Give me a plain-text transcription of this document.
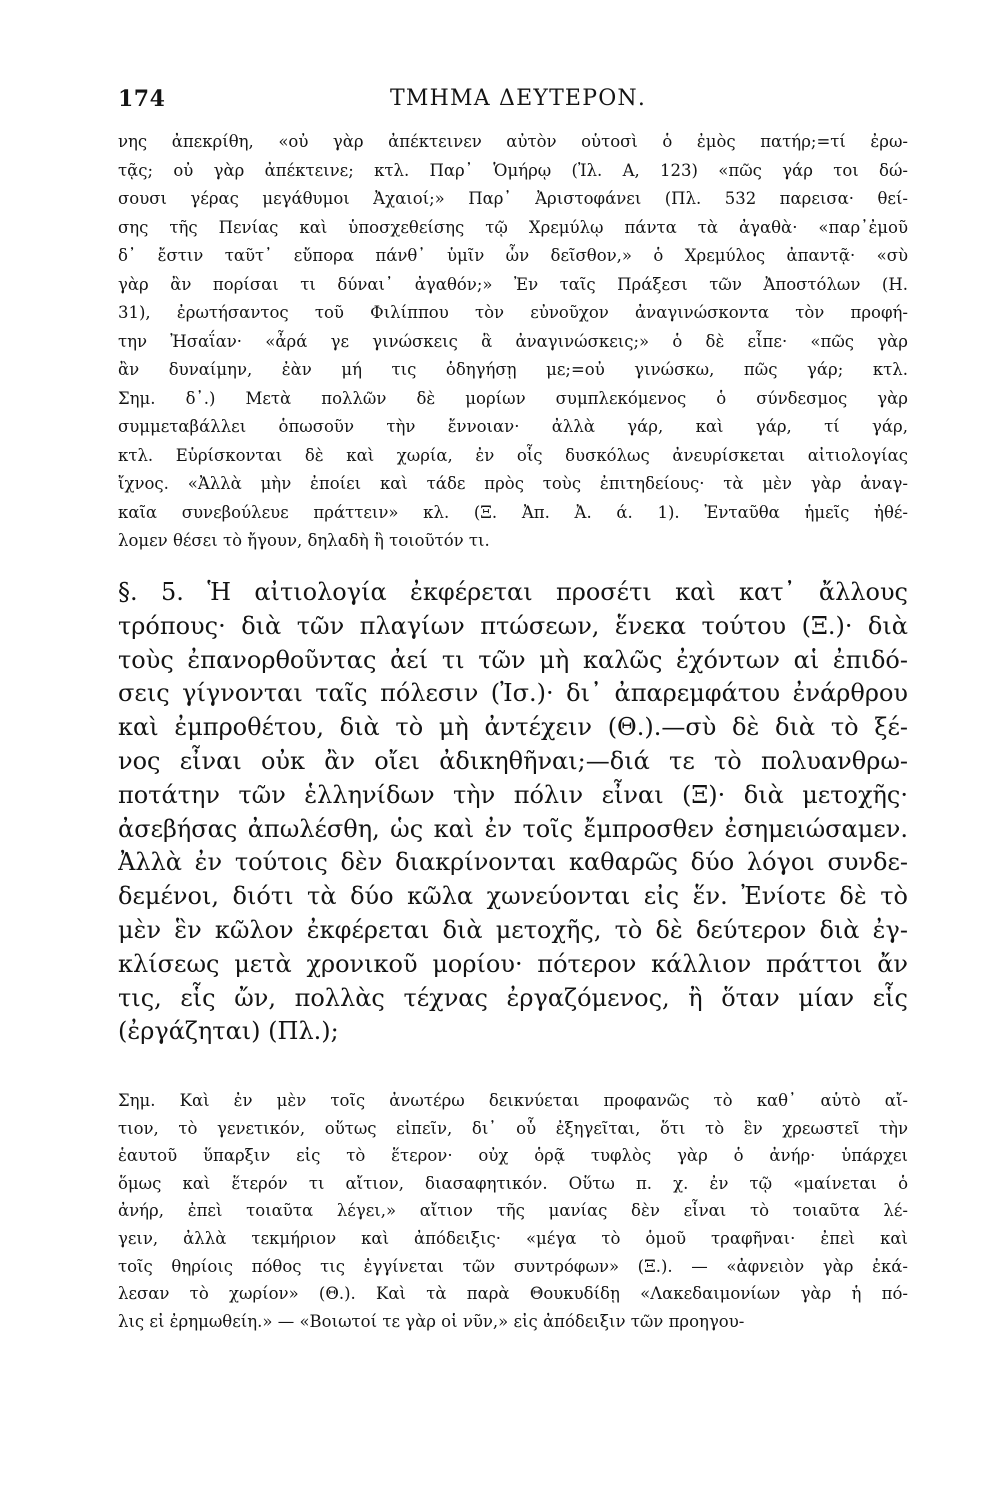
174	ΤΜΗΜΑ ΔΕΥΤΕΡΟΝ.
νης ἀπεκρίθη, «οὐ γὰρ ἀπέκτεινεν αὐτὸν οὑτοσὶ ὁ ἐμὸς πατήρ;=τί ἐρω-
τᾷς; οὐ γὰρ ἀπέκτεινε; κτλ. Παρ᾽ Ὁμήρῳ (Ἰλ. Α, 123) «πῶς γάρ τοι δώ-
σουσι γέρας μεγάθυμοι Ἀχαιοί;» Παρ᾽ Ἀριστοφάνει (Πλ. 532 παρεισα· θεί-
σης τῆς Πενίας καὶ ὑποσχεθείσης τῷ Χρεμύλῳ πάντα τὰ ἀγαθὰ· «παρ᾽ἐμοῦ
δ᾽ ἔστιν ταῦτ᾽ εὔπορα πάνθ᾽ ὑμῖν ὧν δεῖσθον,» ὁ Χρεμύλος ἀπαντᾷ· «σὺ
γὰρ ἂν πορίσαι τι δύναι᾽ ἀγαθόν;» Ἐν ταῖς Πράξεσι τῶν Ἀποστόλων (Η.
31), ἐρωτήσαντος τοῦ Φιλίππου τὸν εὐνοῦχον ἀναγινώσκοντα τὸν προφή-
την Ἠσαΐαν· «ἆρά γε γινώσκεις ἃ ἀναγινώσκεις;» ὁ δὲ εἶπε· «πῶς γὰρ
ἂν δυναίμην, ἐὰν μή τις ὁδηγήσῃ με;=οὐ γινώσκω, πῶς γάρ; κτλ.
Σημ. δ᾽.) Μετὰ πολλῶν δὲ μορίων συμπλεκόμενος ὁ σύνδεσμος γὰρ
συμμεταβάλλει ὁπωσοῦν τὴν ἔννοιαν· ἀλλὰ γάρ, καὶ γάρ, τί γάρ,
κτλ. Εὑρίσκονται δὲ καὶ χωρία, ἐν οἷς δυσκόλως ἀνευρίσκεται αἰτιολογίας
ἴχνος. «Ἀλλὰ μὴν ἐποίει καὶ τάδε πρὸς τοὺς ἐπιτηδείους· τὰ μὲν γὰρ ἀναγ-
καῖα συνεβούλευε πράττειν» κλ. (Ξ. Ἀπ. Ἀ. ά. 1). Ἐνταῦθα ἡμεῖς ἠθέ-
λομεν θέσει τὸ ἤγουν, δηλαδὴ ἢ τοιοῦτόν τι.
§. 5. Ἡ αἰτιολογία ἐκφέρεται προσέτι καὶ κατ᾽ ἄλλους
τρόπους· διὰ τῶν πλαγίων πτώσεων, ἕνεκα τούτου (Ξ.)· διὰ
τοὺς ἐπανορθοῦντας ἀεί τι τῶν μὴ καλῶς ἐχόντων αἱ ἐπιδό-
σεις γίγνονται ταῖς πόλεσιν (Ἰσ.)· δι᾽ ἀπαρεμφάτου ἐνάρθρου
καὶ ἐμπροθέτου, διὰ τὸ μὴ ἀντέχειν (Θ.).—σὺ δὲ διὰ τὸ ξέ-
νος εἶναι οὐκ ἂν οἴει ἀδικηθῆναι;—διά τε τὸ πολυανθρω-
ποτάτην τῶν ἑλληνίδων τὴν πόλιν εἶναι (Ξ)· διὰ μετοχῆς·
ἀσεβήσας ἀπωλέσθη, ὡς καὶ ἐν τοῖς ἔμπροσθεν ἐσημειώσαμεν.
Ἀλλὰ ἐν τούτοις δὲν διακρίνονται καθαρῶς δύο λόγοι συνδε-
δεμένοι, διότι τὰ δύο κῶλα χωνεύονται εἰς ἕν. Ἐνίοτε δὲ τὸ
μὲν ἓν κῶλον ἐκφέρεται διὰ μετοχῆς, τὸ δὲ δεύτερον διὰ ἐγ-
κλίσεως μετὰ χρονικοῦ μορίου· πότερον κάλλιον πράττοι ἄν
τις, εἷς ὤν, πολλὰς τέχνας ἐργαζόμενος, ἢ ὅταν μίαν εἷς
(ἐργάζηται) (Πλ.);
Σημ. Καὶ ἐν μὲν τοῖς ἀνωτέρω δεικνύεται προφανῶς τὸ καθ᾽ αὑτὸ αἴ-
τιον, τὸ γενετικόν, οὕτως εἰπεῖν, δι᾽ οὗ ἐξηγεῖται, ὅτι τὸ ἓν χρεωστεῖ τὴν
ἑαυτοῦ ὕπαρξιν εἰς τὸ ἕτερον· οὐχ ὁρᾷ τυφλὸς γὰρ ὁ ἀνήρ· ὑπάρχει
ὅμως καὶ ἕτερόν τι αἴτιον, διασαφητικόν. Οὕτω π. χ. ἐν τῷ «μαίνεται ὁ
ἀνήρ, ἐπεὶ τοιαῦτα λέγει,» αἴτιον τῆς μανίας δὲν εἶναι τὸ τοιαῦτα λέ-
γειν, ἀλλὰ τεκμήριον καὶ ἀπόδειξις· «μέγα τὸ ὁμοῦ τραφῆναι· ἐπεὶ καὶ
τοῖς θηρίοις πόθος τις ἐγγίνεται τῶν συντρόφων» (Ξ.). — «ἀφνειὸν γὰρ ἐκά-
λεσαν τὸ χωρίον» (Θ.). Καὶ τὰ παρὰ Θουκυδίδῃ «Λακεδαιμονίων γὰρ ἡ πό-
λις εἰ ἐρημωθείη.» — «Βοιωτοί τε γὰρ οἱ νῦν,» εἰς ἀπόδειξιν τῶν προηγου-
